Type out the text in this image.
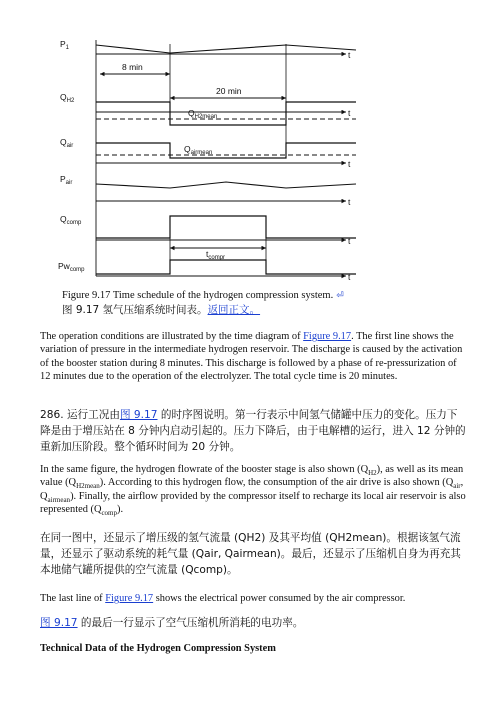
$P_1$
$Q_{H2}$
$Q_{air}$
$P_{air}$
$Q_{comp}$
$Pw_{comp}$
t
t
t
t
t
t
8 min
20 min
$Q_{H2mean}$
$Q_{airmean}$
$t_{compr}$
Figure 9.17 Time schedule of the hydrogen compression system. ⏎
图 9.17 氢气压缩系统时间表。返回正文。

The operation conditions are illustrated by the time diagram of Figure 9.17. The first line shows the variation of pressure in the intermediate hydrogen reservoir. The discharge is caused by the activation of the booster station during 8 minutes. This discharge is followed by a phase of re-pressurization of 12 minutes due to the operation of the electrolyzer. The total cycle time is 20 minutes.

286. 运行工况由图 9.17 的时序图说明。第一行表示中间氢气储罐中压力的变化。压力下降是由于增压站在 8 分钟内启动引起的。压力下降后，由于电解槽的运行，进入 12 分钟的重新加压阶段。整个循环时间为 20 分钟。

In the same figure, the hydrogen flowrate of the booster stage is also shown $(Q_{H2})$, as well as its mean value $(Q_{H2mean})$. According to this hydrogen flow, the consumption of the air drive is also shown ($Q_{air}$, $Q_{airmean}$). Finally, the airflow provided by the compressor itself to recharge its local air reservoir is also represented $(Q_{comp})$.

在同一图中，还显示了增压级的氢气流量 (QH2) 及其平均值 (QH2mean)。根据该氢气流量，还显示了驱动系统的耗气量 (Qair, Qairmean)。最后，还显示了压缩机自身为再充其本地储气罐所提供的空气流量 (Qcomp)。

The last line of Figure 9.17 shows the electrical power consumed by the air compressor.

图 9.17 的最后一行显示了空气压缩机所消耗的电功率。

Technical Data of the Hydrogen Compression System
